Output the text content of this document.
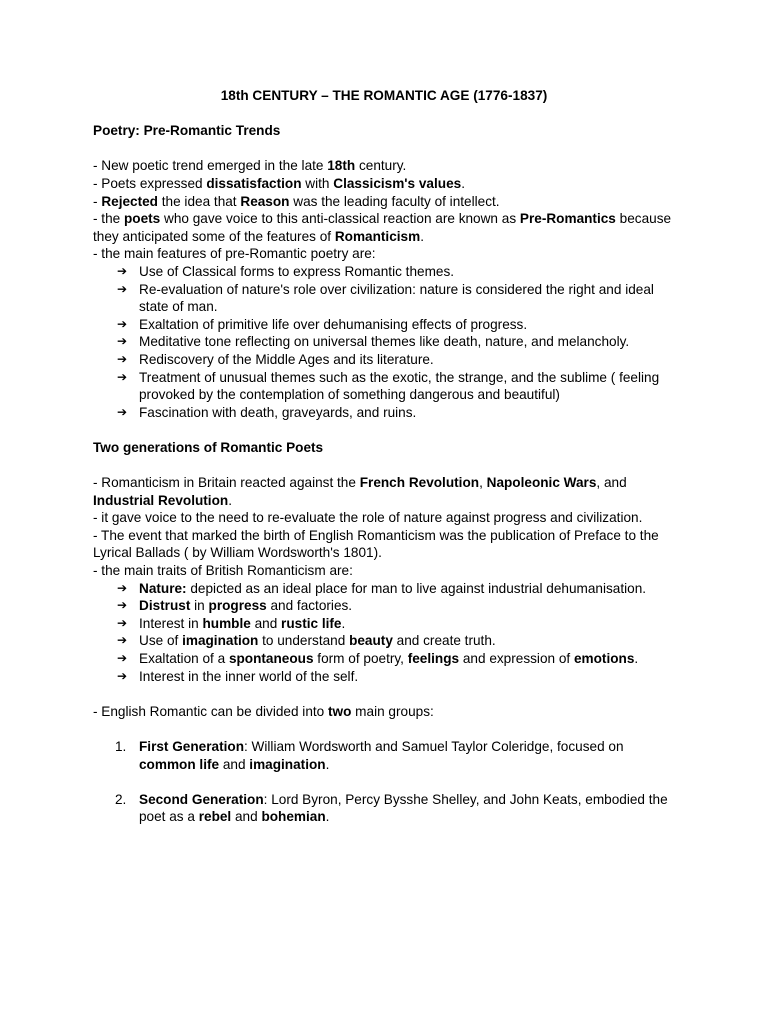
18th CENTURY – THE ROMANTIC AGE (1776-1837)

Poetry: Pre-Romantic Trends

- New poetic trend emerged in the late 18th century.

- Poets expressed dissatisfaction with Classicism's values.

- Rejected the idea that Reason was the leading faculty of intellect.

- the poets who gave voice to this anti-classical reaction are known as Pre-Romantics because they anticipated some of the features of Romanticism.

- the main features of pre-Romantic poetry are:

➔ Use of Classical forms to express Romantic themes.
➔ Re-evaluation of nature's role over civilization: nature is considered the right and ideal state of man.
➔ Exaltation of primitive life over dehumanising effects of progress.
➔ Meditative tone reflecting on universal themes like death, nature, and melancholy.
➔ Rediscovery of the Middle Ages and its literature.
➔ Treatment of unusual themes such as the exotic, the strange, and the sublime ( feeling provoked by the contemplation of something dangerous and beautiful)
➔ Fascination with death, graveyards, and ruins.

Two generations of Romantic Poets

- Romanticism in Britain reacted against the French Revolution, Napoleonic Wars, and Industrial Revolution.

- it gave voice to the need to re-evaluate the role of nature against progress and civilization.

- The event that marked the birth of English Romanticism was the publication of Preface to the Lyrical Ballads ( by William Wordsworth's 1801).

- the main traits of British Romanticism are:

➔ Nature: depicted as an ideal place for man to live against industrial dehumanisation.
➔ Distrust in progress and factories.
➔ Interest in humble and rustic life.
➔ Use of imagination to understand beauty and create truth.
➔ Exaltation of a spontaneous form of poetry, feelings and expression of emotions.
➔ Interest in the inner world of the self.

- English Romantic can be divided into two main groups:

1. First Generation: William Wordsworth and Samuel Taylor Coleridge, focused on common life and imagination.
2. Second Generation: Lord Byron, Percy Bysshe Shelley, and John Keats, embodied the poet as a rebel and bohemian.
